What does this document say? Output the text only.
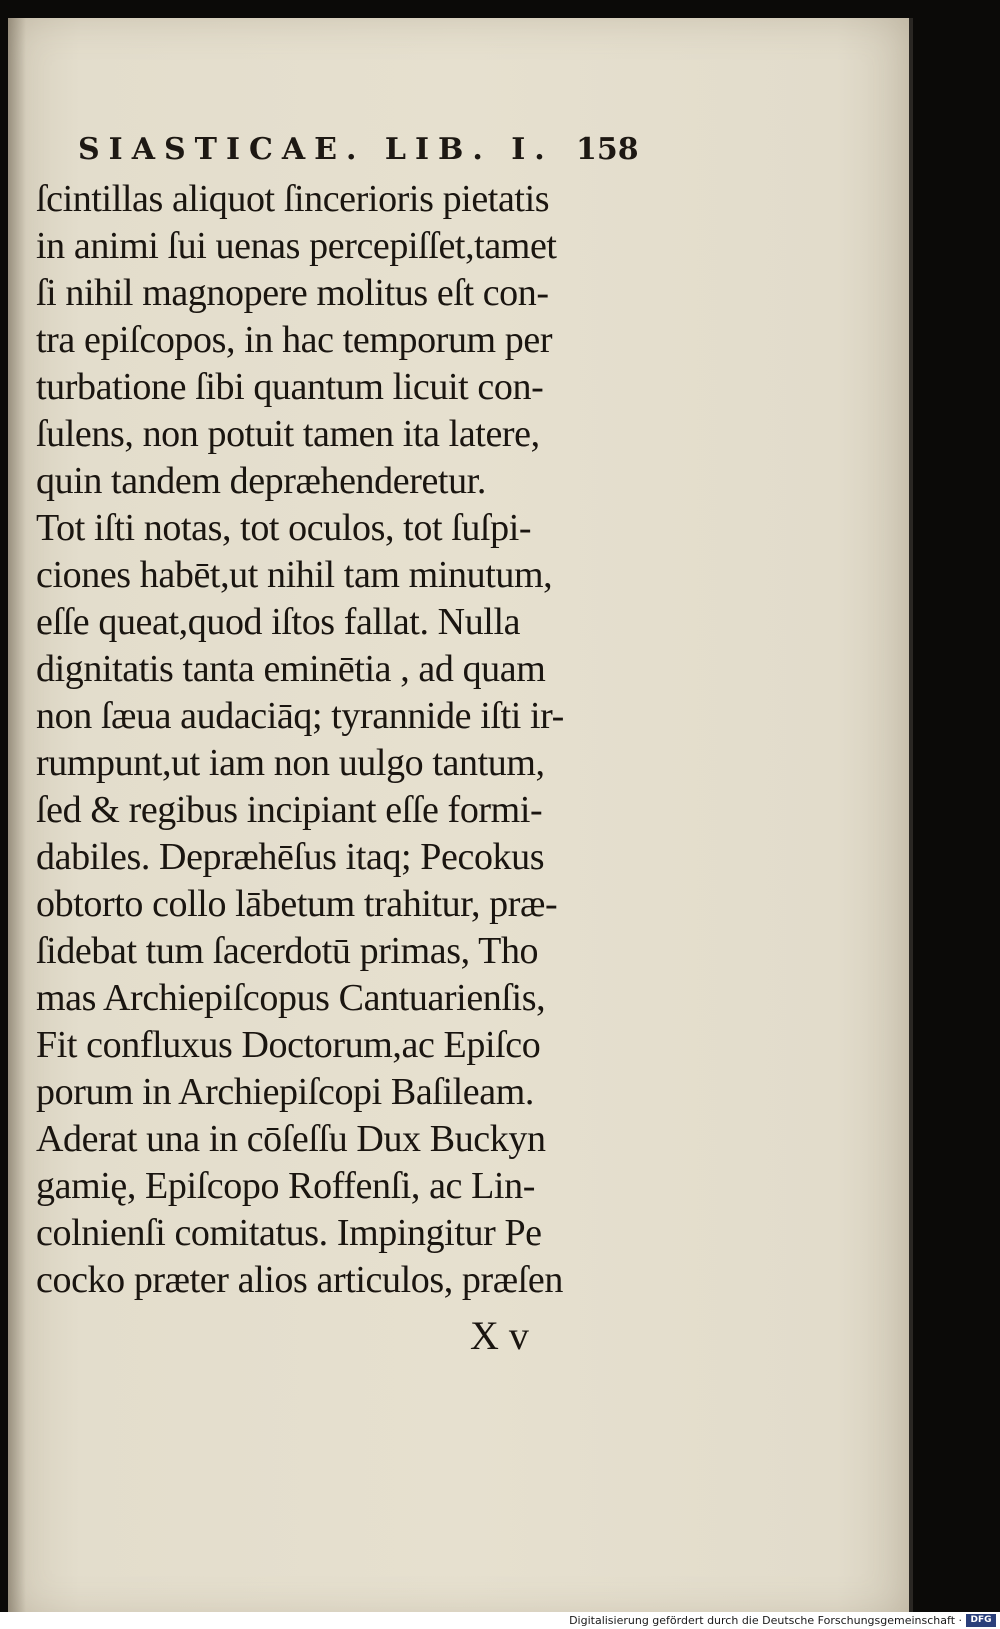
SIASTICAE. LIB. I. 158
ſcintillas aliquot ſincerioris pietatis
in animi ſui uenas percepiſſet,tamet
ſi nihil magnopere molitus eſt con-
tra epiſcopos, in hac temporum per
turbatione ſibi quantum licuit con-
ſulens, non potuit tamen ita latere,
quin tandem depræhenderetur.
Tot iſti notas, tot oculos, tot ſuſpi-
ciones habēt,ut nihil tam minutum,
eſſe queat,quod iſtos fallat. Nulla
dignitatis tanta eminētia , ad quam
non ſæua audaciāq; tyrannide iſti ir-
rumpunt,ut iam non uulgo tantum,
ſed & regibus incipiant eſſe formi-
dabiles. Depræhēſus itaq; Pecokus
obtorto collo lābetum trahitur, præ-
ſidebat tum ſacerdotū primas, Tho
mas Archiepiſcopus Cantuarienſis,
Fit confluxus Doctorum,ac Epiſco
porum in Archiepiſcopi Baſileam.
Aderat una in cōſeſſu Dux Buckyn
gamię, Epiſcopo Roffenſi, ac Lin-
colnienſi comitatus. Impingitur Pe
cocko præter alios articulos, præſen
X v
Digitalisierung gefördert durch die Deutsche Forschungsgemeinschaft · DFG
